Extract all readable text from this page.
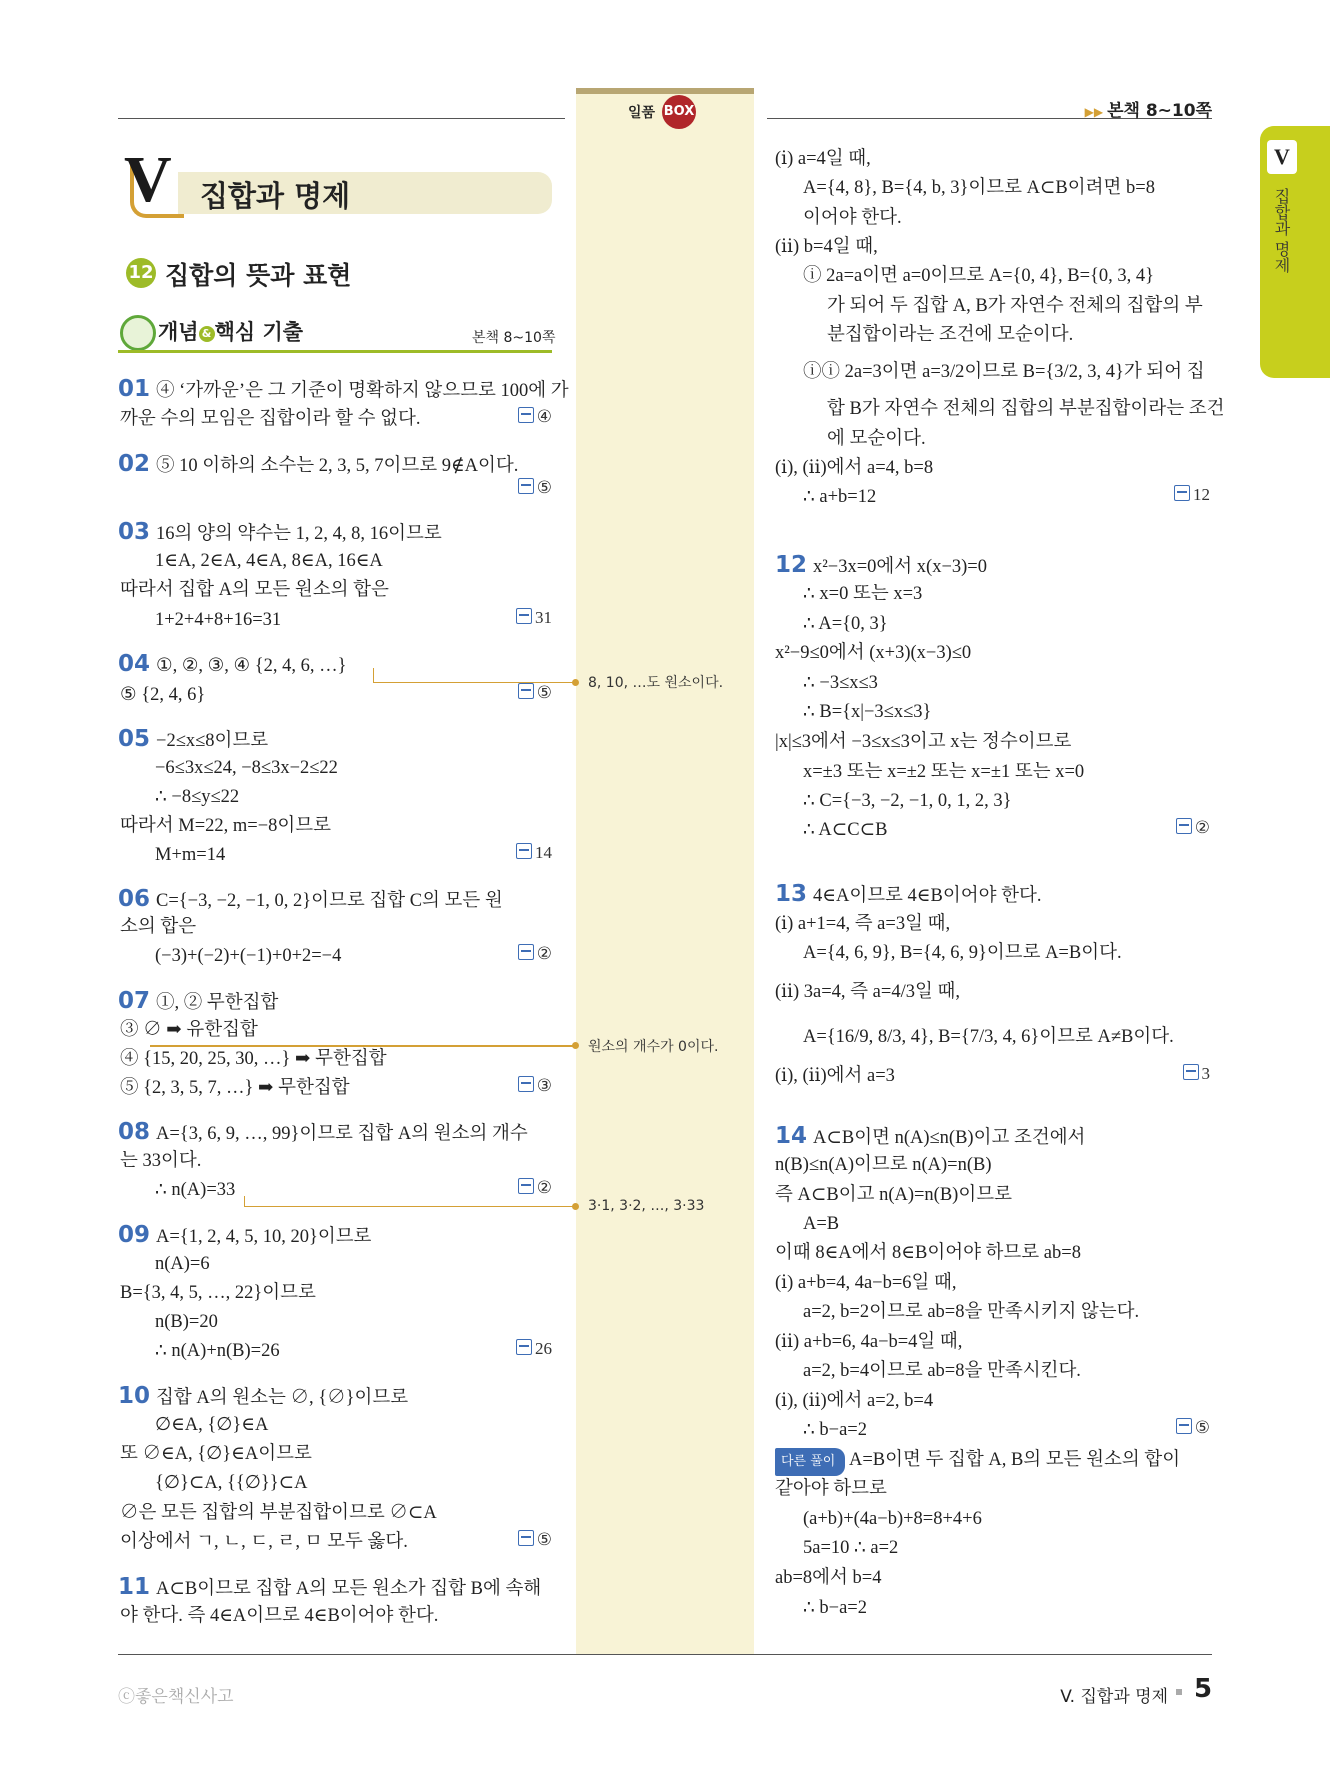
일품 BOX	▶▶ 본책 8~10쪽
V
집합과 명제
V 집합과 명제
12 집합의 뜻과 표현
개념 & 핵심 기출	본책 8~10쪽
01 ④ ‘가까운’은 그 기준이 명확하지 않으므로 100에 가
까운 수의 모임은 집합이라 할 수 없다.
02 ⑤ 10 이하의 소수는 2, 3, 5, 7이므로 9∉A이다.
03 16의 양의 약수는 1, 2, 4, 8, 16이므로
1∈A, 2∈A, 4∈A, 8∈A, 16∈A
따라서 집합 A의 모든 원소의 합은
1+2+4+8+16=31
04 ①, ②, ③, ④ {2, 4, 6, …}
⑤ {2, 4, 6}
05 −2≤x≤8이므로
−6≤3x≤24, −8≤3x−2≤22
∴ −8≤y≤22
따라서 M=22, m=−8이므로
M+m=14
06 C={−3, −2, −1, 0, 2}이므로 집합 C의 모든 원
소의 합은
(−3)+(−2)+(−1)+0+2=−4
07 ①, ② 무한집합
③ ∅ ➡ 유한집합
④ {15, 20, 25, 30, …} ➡ 무한집합
⑤ {2, 3, 5, 7, …} ➡ 무한집합
08 A={3, 6, 9, …, 99}이므로 집합 A의 원소의 개수
는 33이다.
∴ n(A)=33
09 A={1, 2, 4, 5, 10, 20}이므로
n(A)=6
B={3, 4, 5, …, 22}이므로
n(B)=20
∴ n(A)+n(B)=26
10 집합 A의 원소는 ∅, {∅}이므로
∅∈A, {∅}∈A
또 ∅∈A, {∅}∈A이므로
{∅}⊂A, {{∅}}⊂A
∅은 모든 집합의 부분집합이므로 ∅⊂A
이상에서 ㄱ, ㄴ, ㄷ, ㄹ, ㅁ 모두 옳다.
11 A⊂B이므로 집합 A의 모든 원소가 집합 B에 속해
야 한다. 즉 4∈A이므로 4∈B이어야 한다.
(ⅰ) a=4일 때,
A={4, 8}, B={4, b, 3}이므로 A⊂B이려면 b=8
이어야 한다.
(ⅱ) b=4일 때,
ⓘ 2a=a이면 a=0이므로 A={0, 4}, B={0, 3, 4}
가 되어 두 집합 A, B가 자연수 전체의 집합의 부
분집합이라는 조건에 모순이다.
ⓘⓘ 2a=3이면 a=3/2이므로 B={3/2, 3, 4}가 되어 집
합 B가 자연수 전체의 집합의 부분집합이라는 조건
에 모순이다.
(ⅰ), (ⅱ)에서 a=4, b=8
∴ a+b=12
12 x²−3x=0에서 x(x−3)=0
∴ x=0 또는 x=3
∴ A={0, 3}
x²−9≤0에서 (x+3)(x−3)≤0
∴ −3≤x≤3
∴ B={x|−3≤x≤3}
|x|≤3에서 −3≤x≤3이고 x는 정수이므로
x=±3 또는 x=±2 또는 x=±1 또는 x=0
∴ C={−3, −2, −1, 0, 1, 2, 3}
∴ A⊂C⊂B
13 4∈A이므로 4∈B이어야 한다.
(ⅰ) a+1=4, 즉 a=3일 때,
A={4, 6, 9}, B={4, 6, 9}이므로 A=B이다.
(ⅱ) 3a=4, 즉 a=4/3일 때,
A={16/9, 8/3, 4}, B={7/3, 4, 6}이므로 A≠B이다.
(ⅰ), (ⅱ)에서 a=3
14 A⊂B이면 n(A)≤n(B)이고 조건에서
n(B)≤n(A)이므로 n(A)=n(B)
즉 A⊂B이고 n(A)=n(B)이므로
A=B
이때 8∈A에서 8∈B이어야 하므로 ab=8
(ⅰ) a+b=4, 4a−b=6일 때,
a=2, b=2이므로 ab=8을 만족시키지 않는다.
(ⅱ) a+b=6, 4a−b=4일 때,
a=2, b=4이므로 ab=8을 만족시킨다.
(ⅰ), (ⅱ)에서 a=2, b=4
∴ b−a=2
다른 풀이 A=B이면 두 집합 A, B의 모든 원소의 합이
같아야 하므로
(a+b)+(4a−b)+8=8+4+6
5a=10 ∴ a=2
ab=8에서 b=4
∴ b−a=2
④
⑤
31
⑤
14
②
③
②
26
⑤
12
②
3
⑤
8, 10, …도 원소이다.
원소의 개수가 0이다.
3·1, 3·2, …, 3·33
ⓒ좋은책신사고	V. 집합과 명제 5
